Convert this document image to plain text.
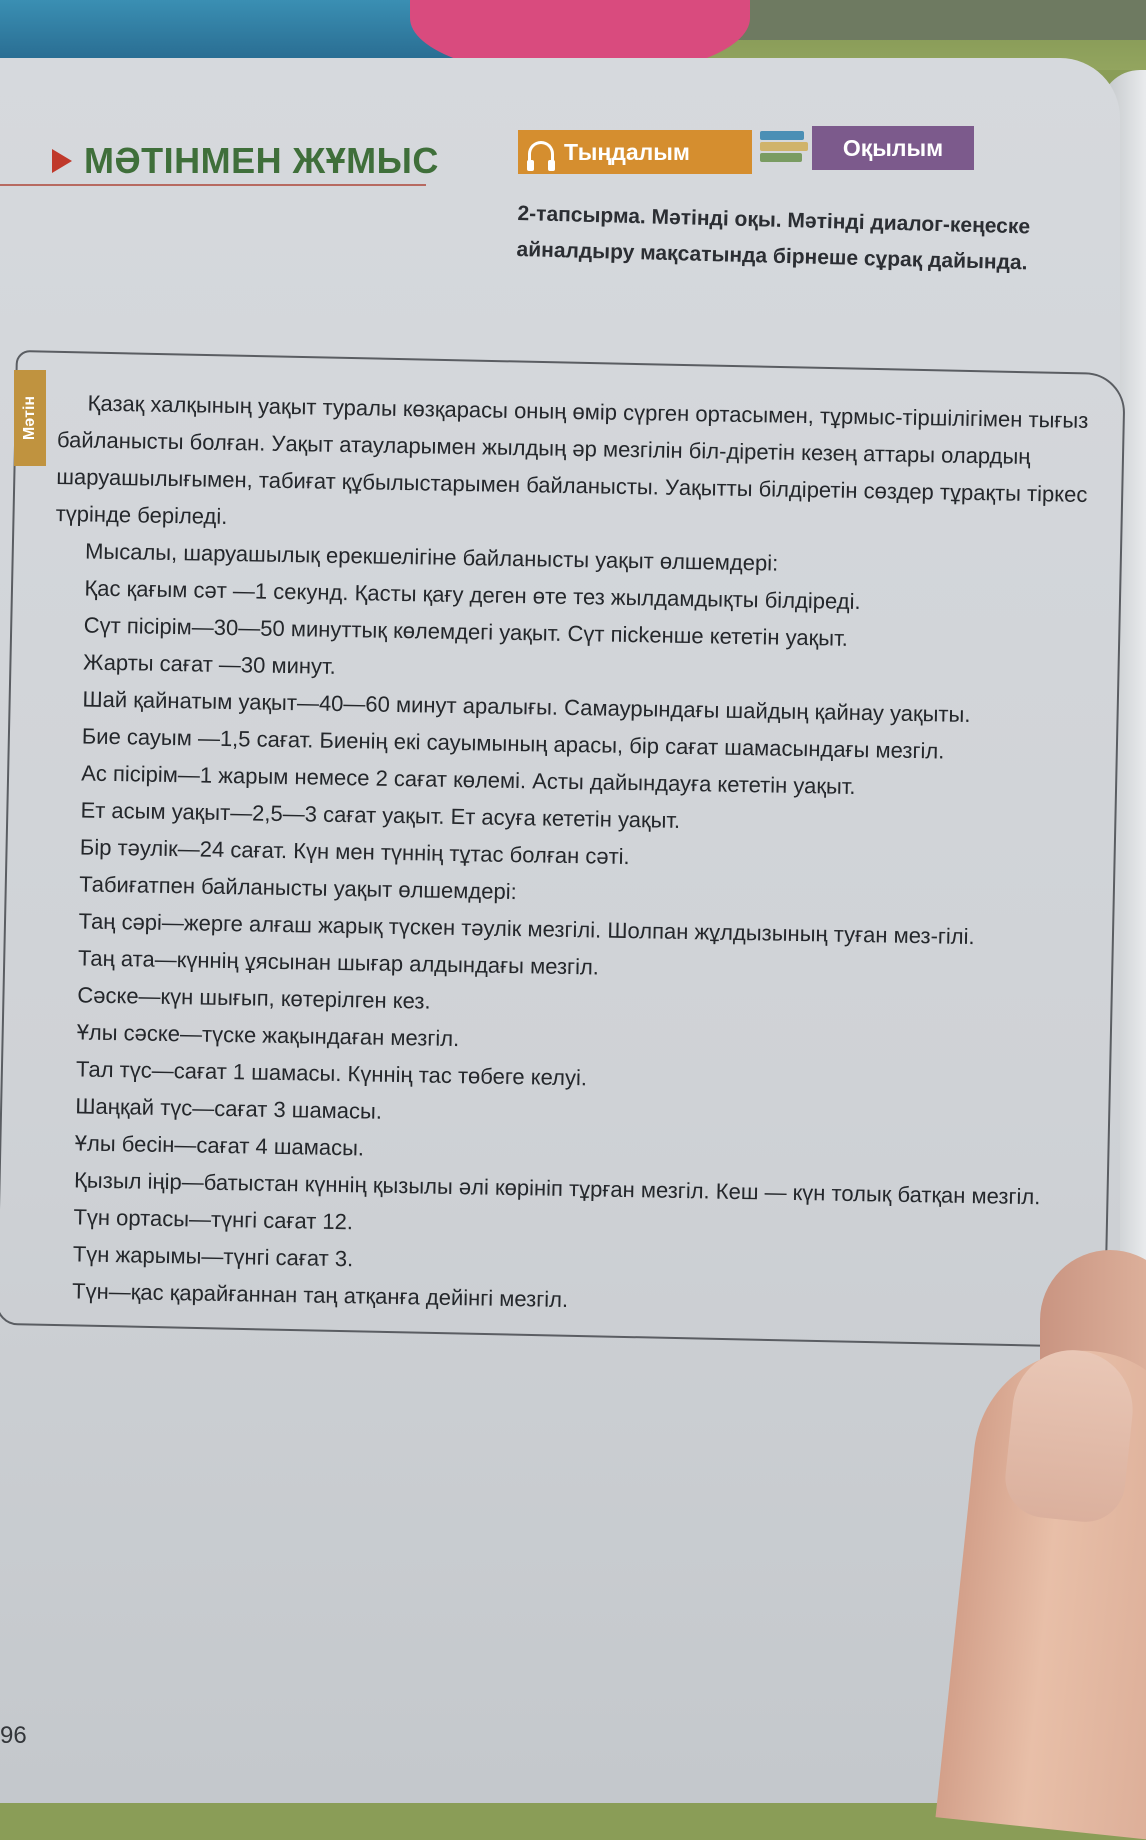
МӘТІНМЕН ЖҰМЫС	Тыңдалым	Оқылым
2-тапсырма. Мәтінді оқы. Мәтінді диалог-кеңеске айналдыру мақсатында бірнеше сұрақ дайында.
Мәтін	Қазақ халқының уақыт туралы көзқарасы оның өмір сүрген ортасымен, тұрмыс-тіршілігімен тығыз байланысты болған. Уақыт атауларымен жылдың әр мезгілін біл-діретін кезең аттары олардың шаруашылығымен, табиғат құбылыстарымен байланысты. Уақытты білдіретін сөздер тұрақты тіркес түрінде беріледі.

Мысалы, шаруашылық ерекшелігіне байланысты уақыт өлшемдері:

Қас қағым сәт —1 секунд. Қасты қағу деген өте тез жылдамдықты білдіреді.

Сүт пісірім—30—50 минуттық көлемдегі уақыт. Сүт пісkенше кететін уақыт.

Жарты сағат —30 минут.

Шай қайнатым уақыт—40—60 минут аралығы. Самаурындағы шайдың қайнау уақыты.

Бие сауым —1,5 сағат. Биенің екі сауымының арасы, бір сағат шамасындағы мезгіл.

Ас пісірім—1 жарым немесе 2 сағат көлемі. Асты дайындауға кететін уақыт.

Ет асым уақыт—2,5—3 сағат уақыт. Ет асуға кететін уақыт.

Бір тәулік—24 сағат. Күн мен түннің тұтас болған сәті.

Табиғатпен байланысты уақыт өлшемдері:

Таң сәрі—жерге алғаш жарық түскен тәулік мезгілі. Шолпан жұлдызының туған мез-гілі.

Таң ата—күннің ұясынан шығар алдындағы мезгіл.

Сәске—күн шығып, көтерілген кез.

Ұлы сәске—түске жақындаған мезгіл.

Тал түс—сағат 1 шамасы. Күннің тас төбеге келуі.

Шаңқай түс—сағат 3 шамасы.

Ұлы бесін—сағат 4 шамасы.

Қызыл іңір—батыстан күннің қызылы әлі көрініп тұрған мезгіл. Кеш — күн толық батқан мезгіл.

Түн ортасы—түнгі сағат 12.

Түн жарымы—түнгі сағат 3.

Түн—қас қарайғаннан таң атқанға дейінгі мезгіл.

96
